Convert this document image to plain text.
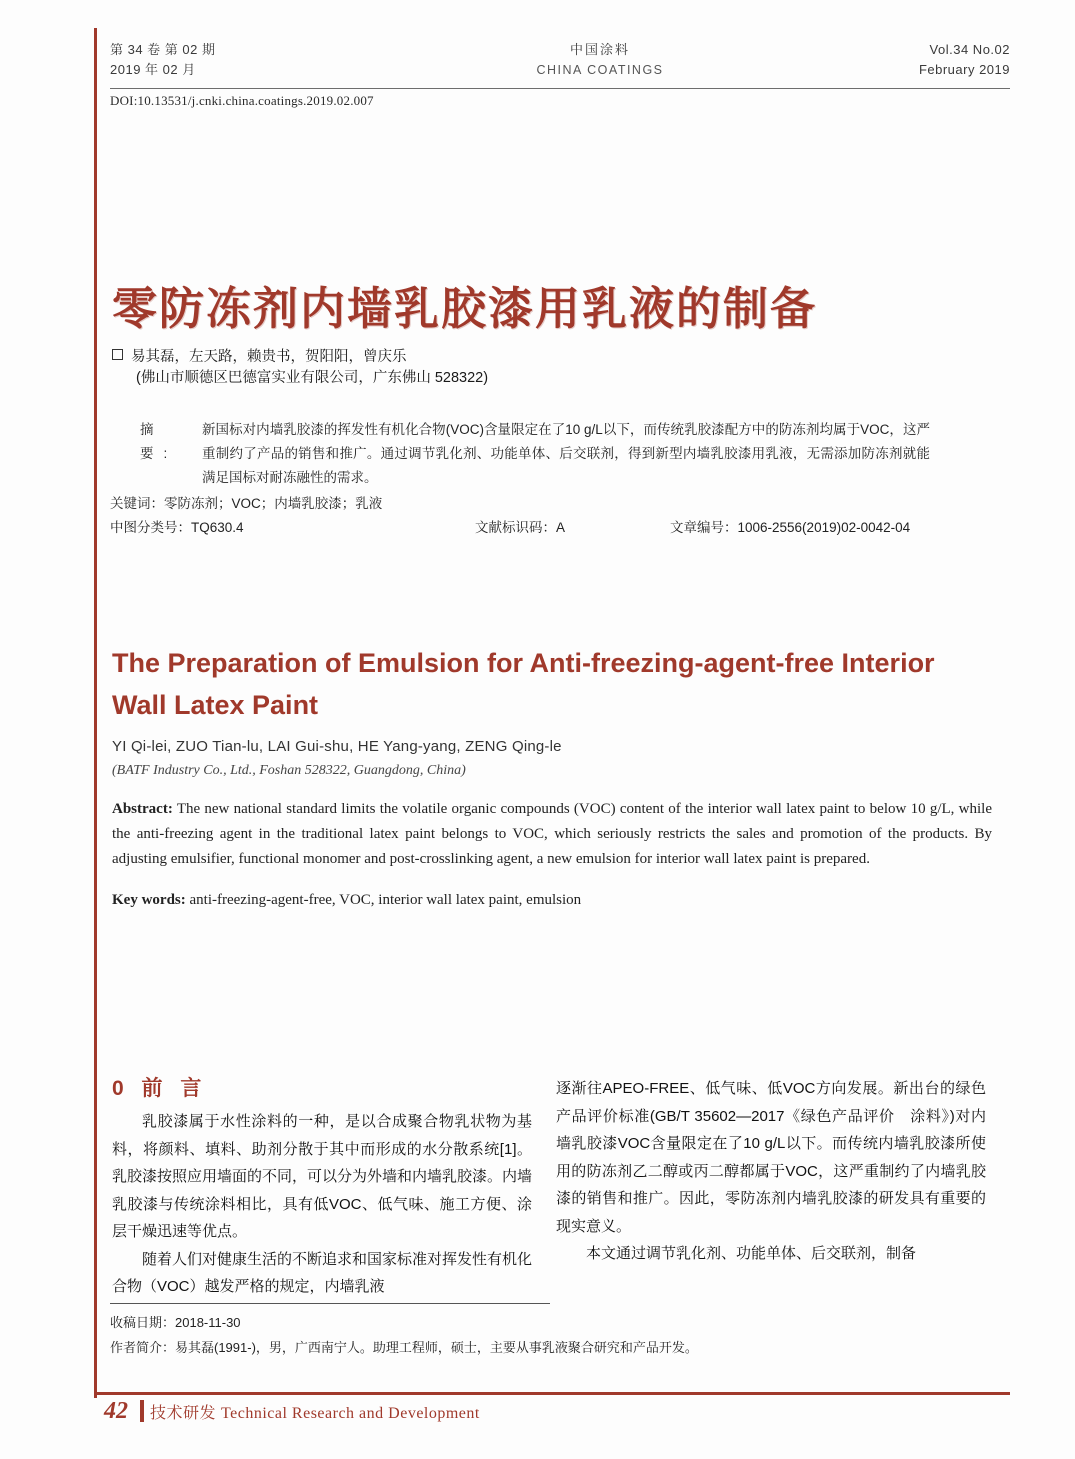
第 34 卷 第 02 期
2019 年 02 月
中国涂料
CHINA COATINGS
Vol.34 No.02
February 2019
DOI:10.13531/j.cnki.china.coatings.2019.02.007
零防冻剂内墙乳胶漆用乳液的制备
易其磊，左天路，赖贵书，贺阳阳，曾庆乐
(佛山市顺德区巴德富实业有限公司，广东佛山 528322)
摘 要:
新国标对内墙乳胶漆的挥发性有机化合物(VOC)含量限定在了10 g/L以下，而传统乳胶漆配方中的防冻剂均属于VOC，这严重制约了产品的销售和推广。通过调节乳化剂、功能单体、后交联剂，得到新型内墙乳胶漆用乳液，无需添加防冻剂就能满足国标对耐冻融性的需求。
关键词：零防冻剂；VOC；内墙乳胶漆；乳液
中图分类号：TQ630.4	文献标识码：A	文章编号：1006-2556(2019)02-0042-04
The Preparation of Emulsion for Anti-freezing-agent-free Interior Wall Latex Paint
YI Qi-lei, ZUO Tian-lu, LAI Gui-shu, HE Yang-yang, ZENG Qing-le
(BATF Industry Co., Ltd., Foshan 528322, Guangdong, China)
Abstract: The new national standard limits the volatile organic compounds (VOC) content of the interior wall latex paint to below 10 g/L, while the anti-freezing agent in the traditional latex paint belongs to VOC, which seriously restricts the sales and promotion of the products. By adjusting emulsifier, functional monomer and post-crosslinking agent, a new emulsion for interior wall latex paint is prepared.
Key words: anti-freezing-agent-free, VOC, interior wall latex paint, emulsion
0 前 言

乳胶漆属于水性涂料的一种，是以合成聚合物乳状物为基料，将颜料、填料、助剂分散于其中而形成的水分散系统[1]。乳胶漆按照应用墙面的不同，可以分为外墙和内墙乳胶漆。内墙乳胶漆与传统涂料相比，具有低VOC、低气味、施工方便、涂层干燥迅速等优点。

随着人们对健康生活的不断追求和国家标准对挥发性有机化合物（VOC）越发严格的规定，内墙乳液

逐渐往APEO-FREE、低气味、低VOC方向发展。新出台的绿色产品评价标准(GB/T 35602—2017《绿色产品评价　涂料》)对内墙乳胶漆VOC含量限定在了10 g/L以下。而传统内墙乳胶漆所使用的防冻剂乙二醇或丙二醇都属于VOC，这严重制约了内墙乳胶漆的销售和推广。因此，零防冻剂内墙乳胶漆的研发具有重要的现实意义。

本文通过调节乳化剂、功能单体、后交联剂，制备

收稿日期：2018-11-30
作者简介：易其磊(1991-)，男，广西南宁人。助理工程师，硕士，主要从事乳液聚合研究和产品开发。
42 技术研发 Technical Research and Development
